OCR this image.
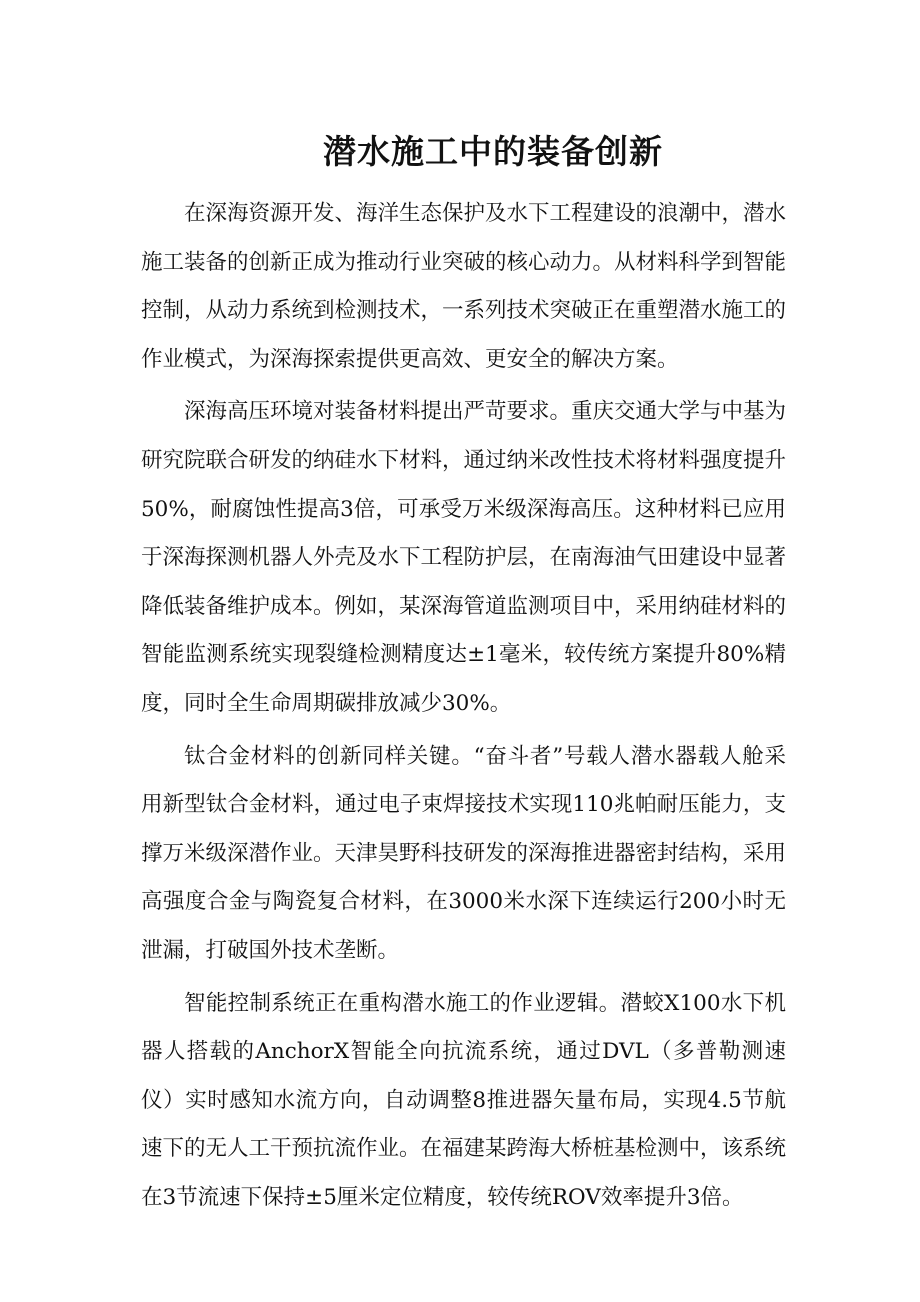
潜水施工中的装备创新

在深海资源开发、海洋生态保护及水下工程建设的浪潮中，潜水施工装备的创新正成为推动行业突破的核心动力。从材料科学到智能控制，从动力系统到检测技术，一系列技术突破正在重塑潜水施工的作业模式，为深海探索提供更高效、更安全的解决方案。

深海高压环境对装备材料提出严苛要求。重庆交通大学与中基为研究院联合研发的纳硅水下材料，通过纳米改性技术将材料强度提升50%，耐腐蚀性提高3倍，可承受万米级深海高压。这种材料已应用于深海探测机器人外壳及水下工程防护层，在南海油气田建设中显著降低装备维护成本。例如，某深海管道监测项目中，采用纳硅材料的智能监测系统实现裂缝检测精度达±1毫米，较传统方案提升80%精度，同时全生命周期碳排放减少30%。

钛合金材料的创新同样关键。“奋斗者”号载人潜水器载人舱采用新型钛合金材料，通过电子束焊接技术实现110兆帕耐压能力，支撑万米级深潜作业。天津昊野科技研发的深海推进器密封结构，采用高强度合金与陶瓷复合材料，在3000米水深下连续运行200小时无泄漏，打破国外技术垄断。

智能控制系统正在重构潜水施工的作业逻辑。潜蛟X100水下机器人搭载的AnchorX智能全向抗流系统，通过DVL（多普勒测速仪）实时感知水流方向，自动调整8推进器矢量布局，实现4.5节航速下的无人工干预抗流作业。在福建某跨海大桥桩基检测中，该系统在3节流速下保持±5厘米定位精度，较传统ROV效率提升3倍。
